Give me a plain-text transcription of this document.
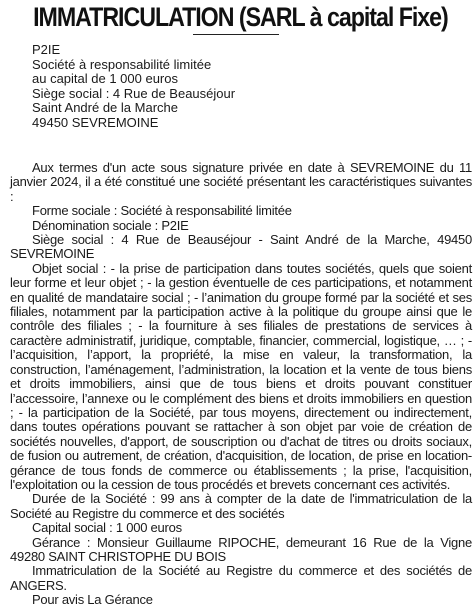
IMMATRICULATION (SARL à capital Fixe)
P2IE
Société à responsabilité limitée
au capital de 1 000 euros
Siège social : 4 Rue de Beauséjour
Saint André de la Marche
49450 SEVREMOINE

Aux termes d'un acte sous signature privée en date à SEVREMOINE du 11 janvier 2024, il a été constitué une société présentant les caractéristiques suivantes :

Forme sociale : Société à responsabilité limitée

Dénomination sociale : P2IE

Siège social : 4 Rue de Beauséjour - Saint André de la Marche, 49450 SEVREMOINE

Objet social : - la prise de participation dans toutes sociétés, quels que soient leur forme et leur objet ; - la gestion éventuelle de ces participations, et notamment en qualité de mandataire social ; - l’animation du groupe formé par la société et ses filiales, notamment par la participation active à la politique du groupe ainsi que le contrôle des filiales ; - la fourniture à ses filiales de prestations de services à caractère administratif, juridique, comptable, financier, commercial, logistique, … ; - l’acquisition, l’apport, la propriété, la mise en valeur, la transformation, la construction, l’aménagement, l’administration, la location et la vente de tous biens et droits immobiliers, ainsi que de tous biens et droits pouvant constituer l’accessoire, l’annexe ou le complément des biens et droits immobiliers en question ; - la participation de la Société, par tous moyens, directement ou indirectement, dans toutes opérations pouvant se rattacher à son objet par voie de création de sociétés nouvelles, d'apport, de souscription ou d'achat de titres ou droits sociaux, de fusion ou autrement, de création, d'acquisition, de location, de prise en location-gérance de tous fonds de commerce ou établissements ; la prise, l'acquisition, l'exploitation ou la cession de tous procédés et brevets concernant ces activités.

Durée de la Société : 99 ans à compter de la date de l'immatriculation de la Société au Registre du commerce et des sociétés

Capital social : 1 000 euros

Gérance : Monsieur Guillaume RIPOCHE, demeurant 16 Rue de la Vigne 49280 SAINT CHRISTOPHE DU BOIS

Immatriculation de la Société au Registre du commerce et des sociétés de ANGERS.

Pour avis La Gérance
